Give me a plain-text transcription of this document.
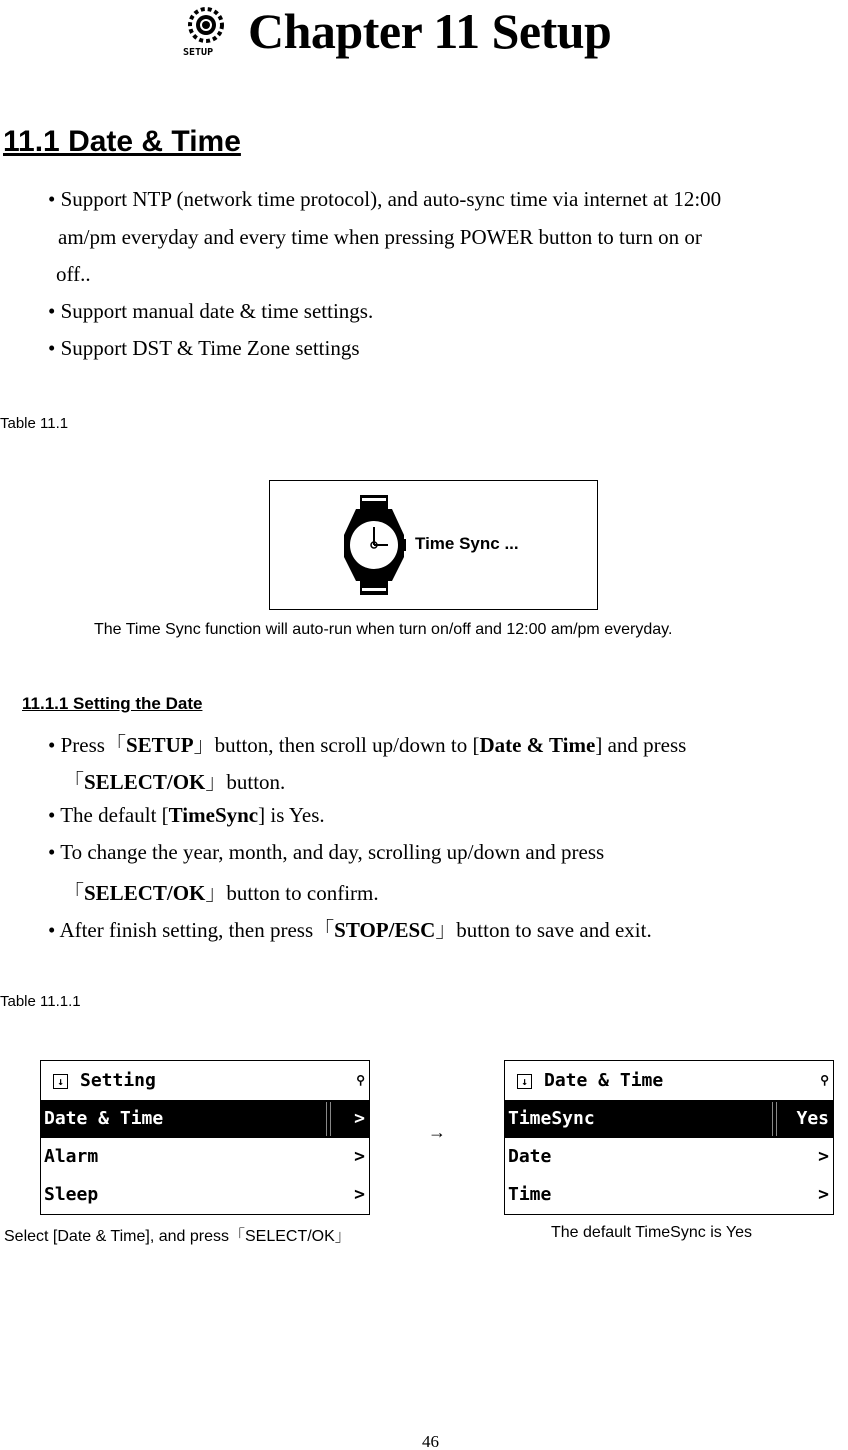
SETUP Chapter 11 Setup
11.1 Date & Time
• Support NTP (network time protocol), and auto-sync time via internet at 12:00
am/pm everyday and every time when pressing POWER button to turn on or
off..
• Support manual date & time settings.
• Support DST & Time Zone settings
Table 11.1
Time Sync ...
The Time Sync function will auto-run when turn on/off and 12:00 am/pm everyday.
11.1.1 Setting the Date
• Press「SETUP」button, then scroll up/down to [Date & Time] and press
「SELECT/OK」button.
• The default [TimeSync] is Yes.
• To change the year, month, and day, scrolling up/down and press
「SELECT/OK」button to confirm.
• After finish setting, then press「STOP/ESC」button to save and exit.
Table 11.1.1
↓ Setting	⚲
Date & Time	>
Alarm	>
Sleep	>
Select [Date & Time], and press「SELECT/OK」
→
↓ Date & Time	⚲
TimeSync	Yes
Date	>
Time	>
The default TimeSync is Yes
46
